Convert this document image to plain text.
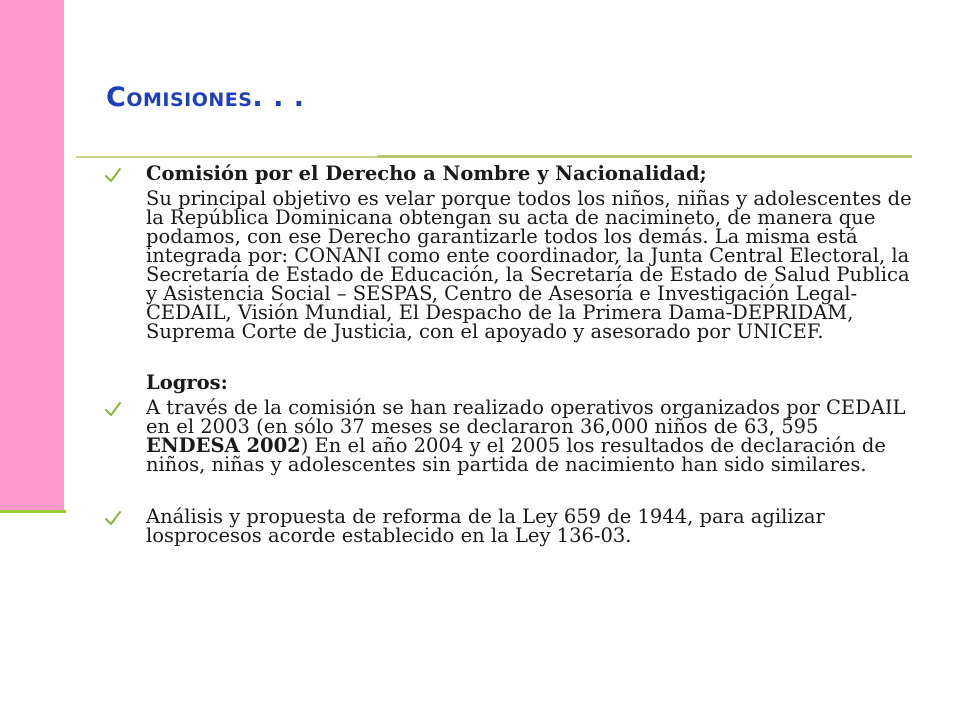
Comisiones. . .
Comisión por el Derecho a Nombre y Nacionalidad;

Su principal objetivo es velar porque todos los niños, niñas y adolescentes de la República Dominicana obtengan su acta de nacimineto, de manera que podamos, con ese Derecho garantizarle todos los demás. La misma está integrada por: CONANI como ente coordinador, la Junta Central Electoral, la Secretaría de Estado de Educación, la Secretaría de Estado de Salud Publica y Asistencia Social – SESPAS, Centro de Asesoría e Investigación Legal- CEDAIL, Visión Mundial, El Despacho de la Primera Dama-DEPRIDAM, Suprema Corte de Justicia, con el apoyado y asesorado por UNICEF.

Logros:

A través de la comisión se han realizado operativos organizados por CEDAIL en el 2003 (en sólo 37 meses se declararon 36,000 niños de 63, 595 ENDESA 2002) En el año 2004 y el 2005 los resultados de declaración de niños, niñas y adolescentes sin partida de nacimiento han sido similares.
Análisis y propuesta de reforma de la Ley 659 de 1944, para agilizar losprocesos acorde establecido en la Ley 136-03.
